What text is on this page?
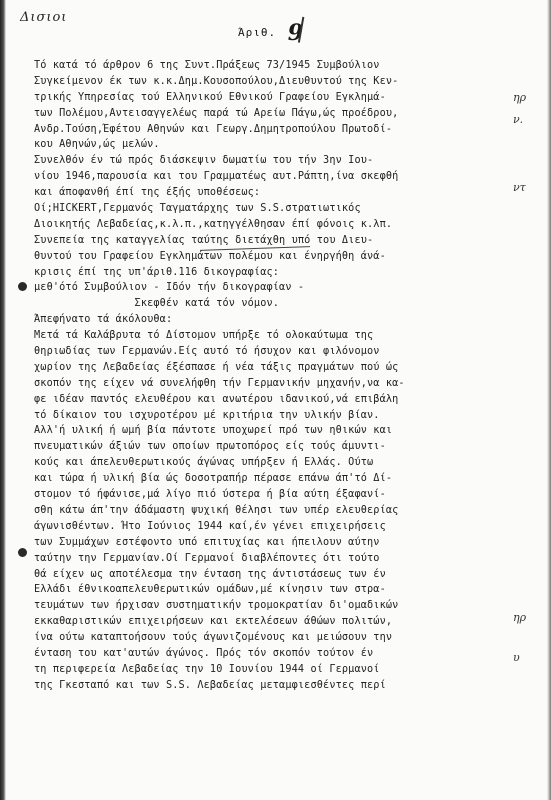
Δισιοι
Άριθ. 9
Τό κατά τό άρθρον 6 της Συντ.Πράξεως 73/1945 Συμβούλιον
Συγκείμενον έκ των κ.κ.Δημ.Κουσοπούλου,Διευθυντού της Κεν-
τρικής Υπηρεσίας τού Ελληνικού Εθνικού Γραφείου Εγκλημά-
των Πολέμου,Αντεισαγγελέως παρά τώ Αρείω Πάγω,ώς προέδρου,
Ανδρ.Τούση,Έφέτου Αθηνών και Γεωργ.Δημητροπούλου Πρωτοδί-
κου Αθηνών,ώς μελών.
Συνελθόν έν τώ πρός διάσκεψιν δωματίω του τήν 3ην Ιου-
νίου 1946,παρουσία και του Γραμματέως αυτ.Ράπτη,ίνα σκεφθή
και άποφανθή έπί της έξής υποθέσεως:
Οί;HICKERT,Γερμανός Ταγματάρχης των S.S.στρατιωτικός
Διοικητής Λεβαδείας,κ.λ.π.,κατηγγέλθησαν έπί φόνοις κ.λπ.
Συνεπεία της καταγγελίας ταύτης διετάχθη υπό του Διευ-
θυντού του Γραφείου Εγκλημάτων πολέμου και ένηργήθη άνά-
κρισις έπί της υπ'άριθ.116 δικογραφίας:
μεθ'ότό Συμβούλιον - Ιδόν τήν δικογραφίαν -
Σκεφθέν κατά τόν νόμον.
Άπεφήνατο τά άκόλουθα:
Μετά τά Καλάβρυτα τό Δίστομον υπήρξε τό ολοκαύτωμα της
θηριωδίας των Γερμανών.Είς αυτό τό ήσυχον και φιλόνομον
χωρίον της Λεβαδείας έξέσπασε ή νέα τάξις πραγμάτων πού ώς
σκοπόν της είχεν νά συνελήφθη τήν Γερμανικήν μηχανήν,να κα-
φε ιδέαν παντός ελευθέρου και ανωτέρου ιδανικού,νά επιβάλη
τό δίκαιον του ισχυροτέρου μέ κριτήρια την υλικήν βίαν.
Αλλ'ή υλική ή ωμή βία πάντοτε υποχωρεί πρό των ηθικών και
πνευματικών άξιών των οποίων πρωτοπόρος είς τούς άμυντι-
κούς και άπελευθερωτικούς άγώνας υπήρξεν ή Ελλάς. Ούτω
και τώρα ή υλική βία ώς δοσοτραπήρ πέρασε επάνω άπ'τό Δί-
στομον τό ήφάνισε,μά λίγο πιό ύστερα ή βία αύτη έξαφανί-
σθη κάτω άπ'την άδάμαστη ψυχική θέλησι των υπέρ ελευθερίας
άγωνισθέντων. Ήτο Ιούνιος 1944 καί,έν γένει επιχειρήσεις
των Συμμάχων εστέφοντο υπό επιτυχίας και ήπειλουν αύτην
ταύτην την Γερμανίαν.Οί Γερμανοί διαβλέποντες ότι τούτο
θά είχεν ως αποτέλεσμα την ένταση της άντιστάσεως των έν
Ελλάδι έθνικοαπελευθερωτικών ομάδων,μέ κίνησιν των στρα-
τευμάτων των ήρχισαν συστηματικήν τρομοκρατίαν δι'ομαδικών
εκκαθαριστικών επιχειρήσεων και εκτελέσεων άθώων πολιτών,
ίνα ούτω καταπτοήσουν τούς άγωνιζομένους και μειώσουν την
ένταση του κατ'αυτών άγώνος. Πρός τόν σκοπόν τούτον έν
τη περιφερεία Λεβαδείας την 10 Ιουνίου 1944 οί Γερμανοί
της Γκεσταπό και των S.S. Λεβαδείας μεταμφιεσθέντες περί
ηρ
ν.
ντ
ηρ
υ
